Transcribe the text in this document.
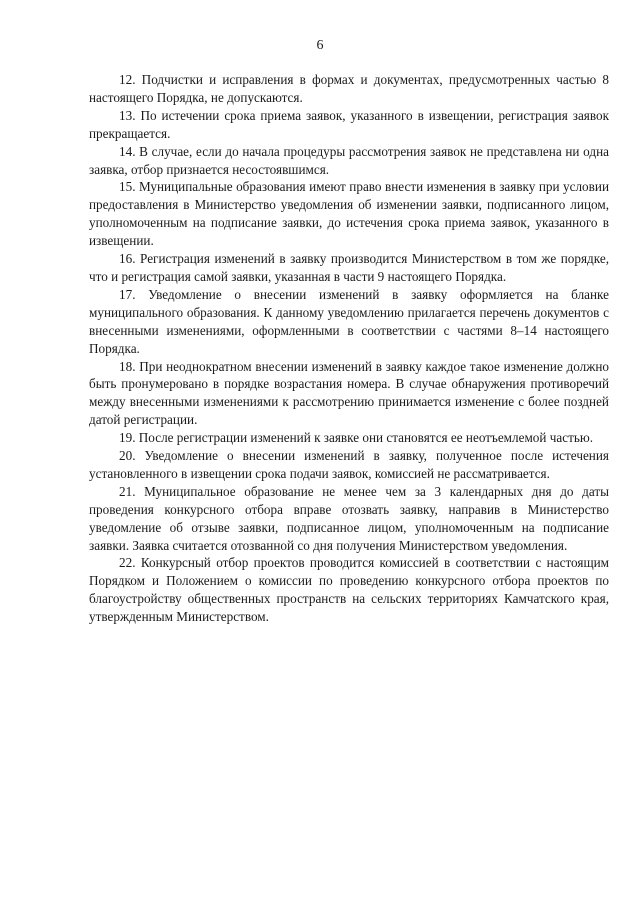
6

12. Подчистки и исправления в формах и документах, предусмотренных частью 8 настоящего Порядка, не допускаются.

13. По истечении срока приема заявок, указанного в извещении, регистрация заявок прекращается.

14. В случае, если до начала процедуры рассмотрения заявок не представлена ни одна заявка, отбор признается несостоявшимся.

15. Муниципальные образования имеют право внести изменения в заявку при условии предоставления в Министерство уведомления об изменении заявки, подписанного лицом, уполномоченным на подписание заявки, до истечения срока приема заявок, указанного в извещении.

16. Регистрация изменений в заявку производится Министерством в том же порядке, что и регистрация самой заявки, указанная в части 9 настоящего Порядка.

17. Уведомление о внесении изменений в заявку оформляется на бланке муниципального образования. К данному уведомлению прилагается перечень документов с внесенными изменениями, оформленными в соответствии с частями 8–14 настоящего Порядка.

18. При неоднократном внесении изменений в заявку каждое такое изменение должно быть пронумеровано в порядке возрастания номера. В случае обнаружения противоречий между внесенными изменениями к рассмотрению принимается изменение с более поздней датой регистрации.

19. После регистрации изменений к заявке они становятся ее неотъемлемой частью.

20. Уведомление о внесении изменений в заявку, полученное после истечения установленного в извещении срока подачи заявок, комиссией не рассматривается.

21. Муниципальное образование не менее чем за 3 календарных дня до даты проведения конкурсного отбора вправе отозвать заявку, направив в Министерство уведомление об отзыве заявки, подписанное лицом, уполномоченным на подписание заявки. Заявка считается отозванной со дня получения Министерством уведомления.

22. Конкурсный отбор проектов проводится комиссией в соответствии с настоящим Порядком и Положением о комиссии по проведению конкурсного отбора проектов по благоустройству общественных пространств на сельских территориях Камчатского края, утвержденным Министерством.
